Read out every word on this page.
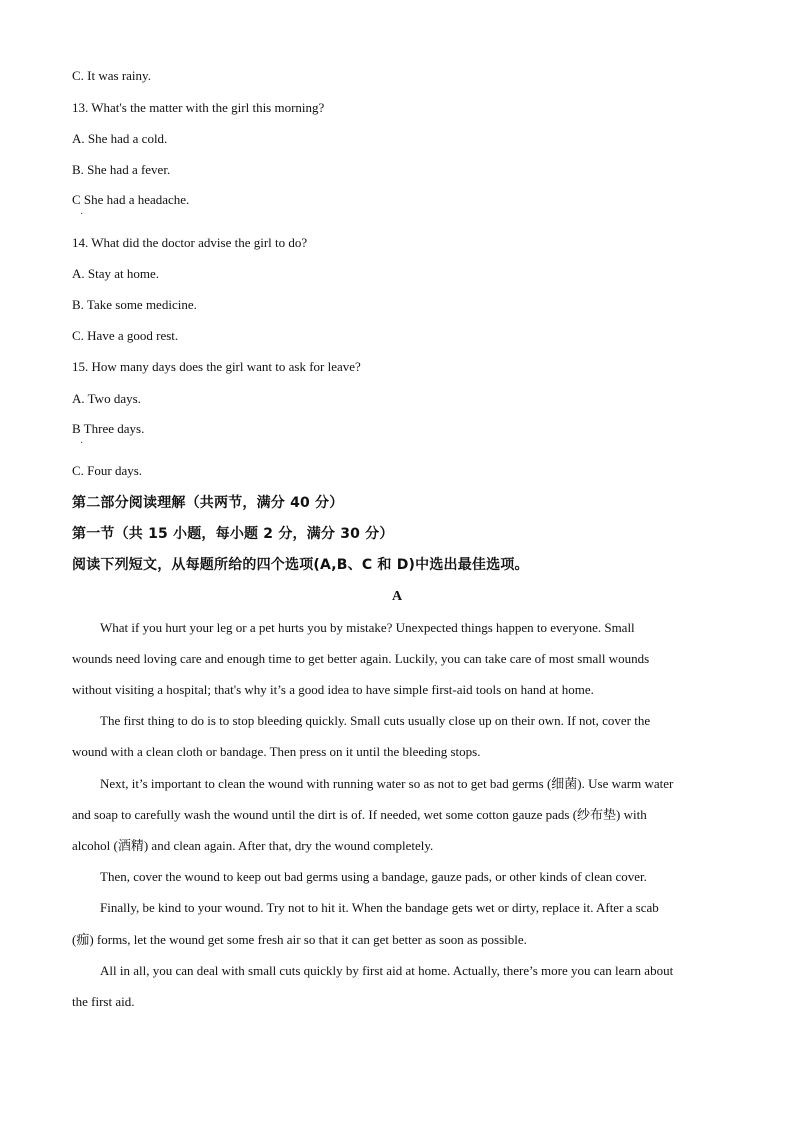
C. It was rainy.
13. What's the matter with the girl this morning?
A. She had a cold.
B. She had a fever.
C She had a headache.
·
14. What did the doctor advise the girl to do?
A. Stay at home.
B. Take some medicine.
C. Have a good rest.
15. How many days does the girl want to ask for leave?
A. Two days.
B Three days.
·
C. Four days.
第二部分阅读理解（共两节，满分 40 分）
第一节（共 15 小题，每小题 2 分，满分 30 分）
阅读下列短文，从每题所给的四个选项(A,B、C 和 D)中选出最佳选项。
A
What if you hurt your leg or a pet hurts you by mistake? Unexpected things happen to everyone. Small
wounds need loving care and enough time to get better again. Luckily, you can take care of most small wounds
without visiting a hospital; that's why it’s a good idea to have simple first-aid tools on hand at home.
The first thing to do is to stop bleeding quickly. Small cuts usually close up on their own. If not, cover the
wound with a clean cloth or bandage. Then press on it until the bleeding stops.
Next, it’s important to clean the wound with running water so as not to get bad germs (细菌). Use warm water
and soap to carefully wash the wound until the dirt is of. If needed, wet some cotton gauze pads (纱布垫) with
alcohol (酒精) and clean again. After that, dry the wound completely.
Then, cover the wound to keep out bad germs using a bandage, gauze pads, or other kinds of clean cover.
Finally, be kind to your wound. Try not to hit it. When the bandage gets wet or dirty, replace it. After a scab
(痂) forms, let the wound get some fresh air so that it can get better as soon as possible.
All in all, you can deal with small cuts quickly by first aid at home. Actually, there’s more you can learn about
the first aid.
